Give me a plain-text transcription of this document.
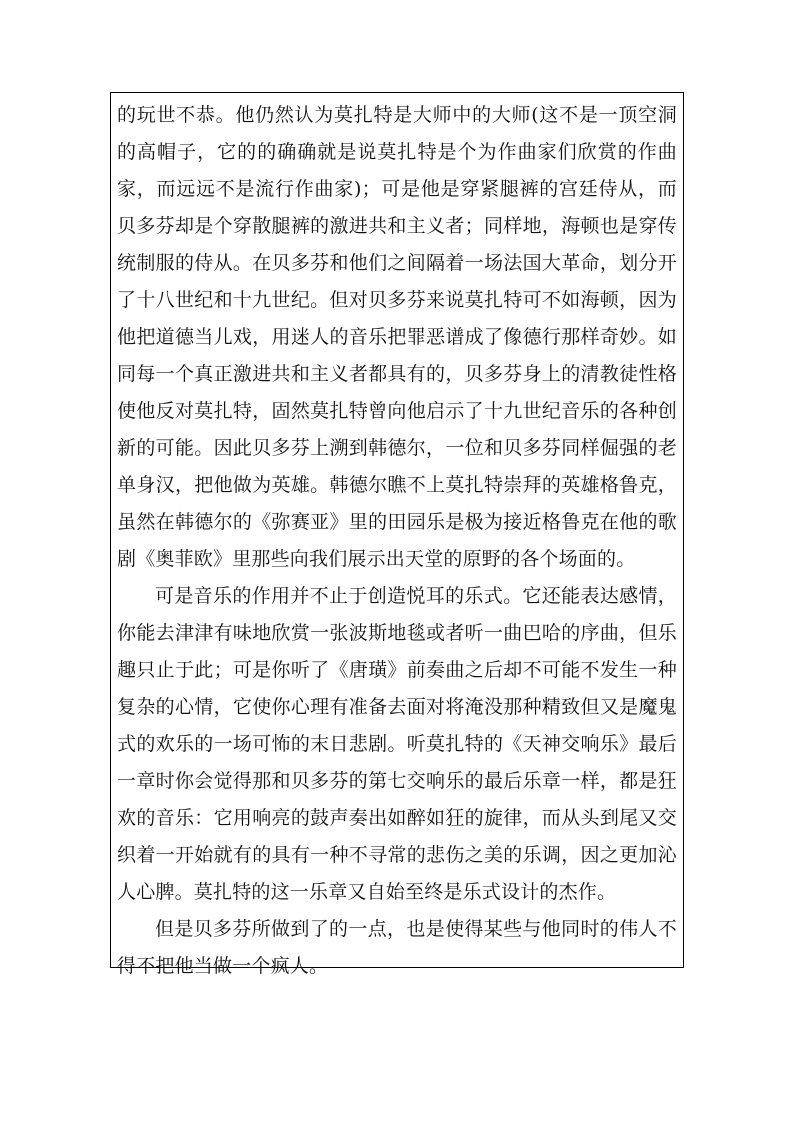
的玩世不恭。他仍然认为莫扎特是大师中的大师(这不是一顶空洞的高帽子，它的的确确就是说莫扎特是个为作曲家们欣赏的作曲家，而远远不是流行作曲家)；可是他是穿紧腿裤的宫廷侍从，而贝多芬却是个穿散腿裤的激进共和主义者；同样地，海顿也是穿传统制服的侍从。在贝多芬和他们之间隔着一场法国大革命，划分开了十八世纪和十九世纪。但对贝多芬来说莫扎特可不如海顿，因为他把道德当儿戏，用迷人的音乐把罪恶谱成了像德行那样奇妙。如同每一个真正激进共和主义者都具有的，贝多芬身上的清教徒性格使他反对莫扎特，固然莫扎特曾向他启示了十九世纪音乐的各种创新的可能。因此贝多芬上溯到韩德尔，一位和贝多芬同样倔强的老单身汉，把他做为英雄。韩德尔瞧不上莫扎特崇拜的英雄格鲁克，虽然在韩德尔的《弥赛亚》里的田园乐是极为接近格鲁克在他的歌剧《奥菲欧》里那些向我们展示出天堂的原野的各个场面的。

可是音乐的作用并不止于创造悦耳的乐式。它还能表达感情，你能去津津有味地欣赏一张波斯地毯或者听一曲巴哈的序曲，但乐趣只止于此；可是你听了《唐璜》前奏曲之后却不可能不发生一种复杂的心情，它使你心理有准备去面对将淹没那种精致但又是魔鬼式的欢乐的一场可怖的末日悲剧。听莫扎特的《天神交响乐》最后一章时你会觉得那和贝多芬的第七交响乐的最后乐章一样，都是狂欢的音乐：它用响亮的鼓声奏出如醉如狂的旋律，而从头到尾又交织着一开始就有的具有一种不寻常的悲伤之美的乐调，因之更加沁人心脾。莫扎特的这一乐章又自始至终是乐式设计的杰作。

但是贝多芬所做到了的一点，也是使得某些与他同时的伟人不得不把他当做一个疯人。
